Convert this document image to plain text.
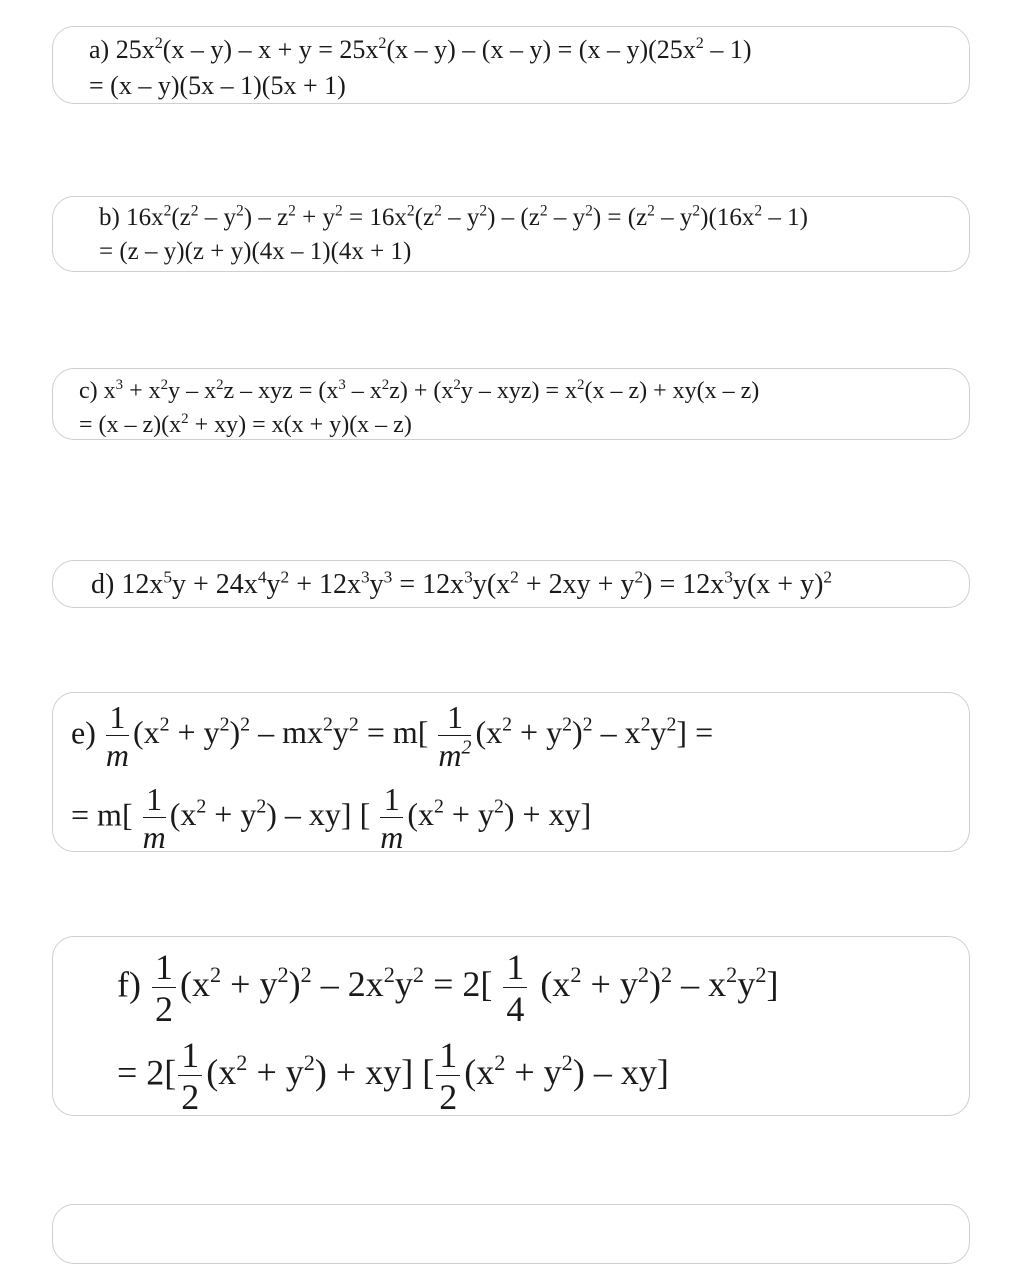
a) $25x^2(x - y) - x + y = 25x^2(x - y) - (x - y) = (x - y)(25x^2 - 1)$
= (x – y)(5x – 1)(5x + 1)
b) $16x^2(z^2 - y^2) - z^2 + y^2 = 16x^2(z^2 - y^2) - (z^2 - y^2) = (z^2 - y^2)(16x^2 - 1)$
= (z – y)(z + y)(4x – 1)(4x + 1)
c) $x^3 + x^2y - x^2z$ – xyz = $(x^3 - x^2z) + (x^2y - xyz) = x^2(x - z) + xy(x - z)$
= $(x - z)(x^2 + xy) = x(x + y)(x - z)$
d) $12x^5y + 24x^4y^2 + 12x^3y^3 = 12x^3y(x^2 + 2xy + y^2) = 12x^3y(x + y)^2$
$e) \frac{1}{m} (x^2 + y^2)^2 - mx^2y^2 = m[ \frac{1}{m^2} (x^2 + y^2)^2 - x^2y^2]$ =
= $m[ \frac{1}{m} (x^2 + y^2) - xy]$ [ $\frac{1}{m} (x^2 + y^2) + xy$]
$f) \frac{1}{2} (x^2 + y^2)^2 - 2x^2y^2 = 2[ \frac{1}{4} (x^2 + y^2)^2 - x^2y^2]$
= $2[ \frac{1}{2} (x^2 + y^2) + xy]$ [ $\frac{1}{2} (x^2 + y^2) - xy$]
